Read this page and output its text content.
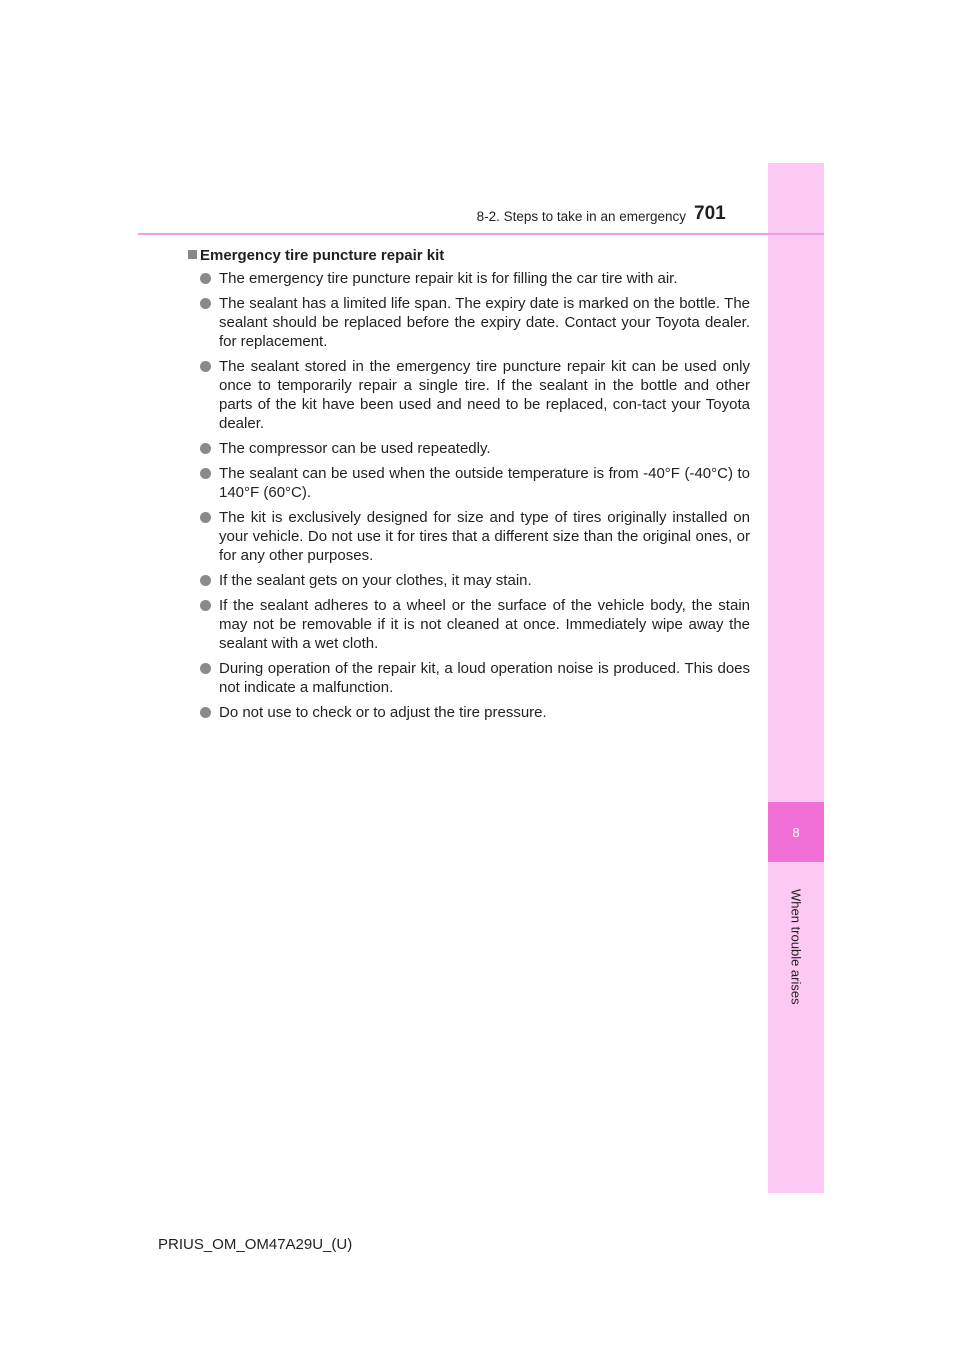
8
When trouble arises
8-2. Steps to take in an emergency 701
Emergency tire puncture repair kit
The emergency tire puncture repair kit is for filling the car tire with air.
The sealant has a limited life span. The expiry date is marked on the bottle. The sealant should be replaced before the expiry date. Contact your Toyota dealer. for replacement.
The sealant stored in the emergency tire puncture repair kit can be used only once to temporarily repair a single tire. If the sealant in the bottle and other parts of the kit have been used and need to be replaced, con-tact your Toyota dealer.
The compressor can be used repeatedly.
The sealant can be used when the outside temperature is from -40°F (-40°C) to 140°F (60°C).
The kit is exclusively designed for size and type of tires originally installed on your vehicle. Do not use it for tires that a different size than the original ones, or for any other purposes.
If the sealant gets on your clothes, it may stain.
If the sealant adheres to a wheel or the surface of the vehicle body, the stain may not be removable if it is not cleaned at once. Immediately wipe away the sealant with a wet cloth.
During operation of the repair kit, a loud operation noise is produced. This does not indicate a malfunction.
Do not use to check or to adjust the tire pressure.
PRIUS_OM_OM47A29U_(U)
